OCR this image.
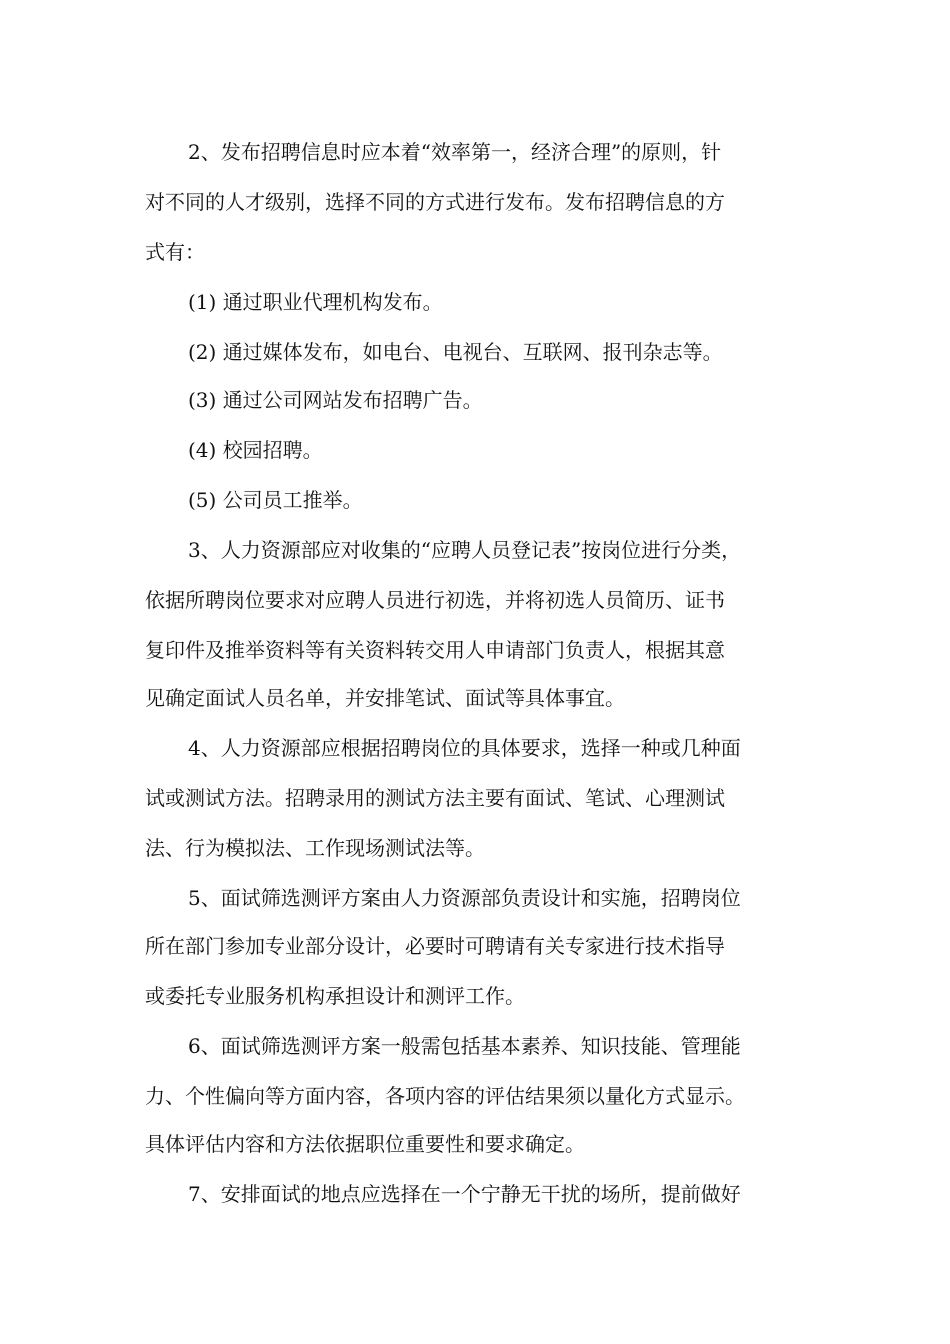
2、发布招聘信息时应本着“效率第一，经济合理”的原则，针
对不同的人才级别，选择不同的方式进行发布。发布招聘信息的方
式有：
(1) 通过职业代理机构发布。
(2) 通过媒体发布，如电台、电视台、互联网、报刊杂志等。
(3) 通过公司网站发布招聘广告。
(4) 校园招聘。
(5) 公司员工推举。
3、人力资源部应对收集的“应聘人员登记表”按岗位进行分类，
依据所聘岗位要求对应聘人员进行初选，并将初选人员简历、证书
复印件及推举资料等有关资料转交用人申请部门负责人，根据其意
见确定面试人员名单，并安排笔试、面试等具体事宜。
4、人力资源部应根据招聘岗位的具体要求，选择一种或几种面
试或测试方法。招聘录用的测试方法主要有面试、笔试、心理测试
法、行为模拟法、工作现场测试法等。
5、面试筛选测评方案由人力资源部负责设计和实施，招聘岗位
所在部门参加专业部分设计，必要时可聘请有关专家进行技术指导
或委托专业服务机构承担设计和测评工作。
6、面试筛选测评方案一般需包括基本素养、知识技能、管理能
力、个性偏向等方面内容，各项内容的评估结果须以量化方式显示。
具体评估内容和方法依据职位重要性和要求确定。
7、安排面试的地点应选择在一个宁静无干扰的场所，提前做好
